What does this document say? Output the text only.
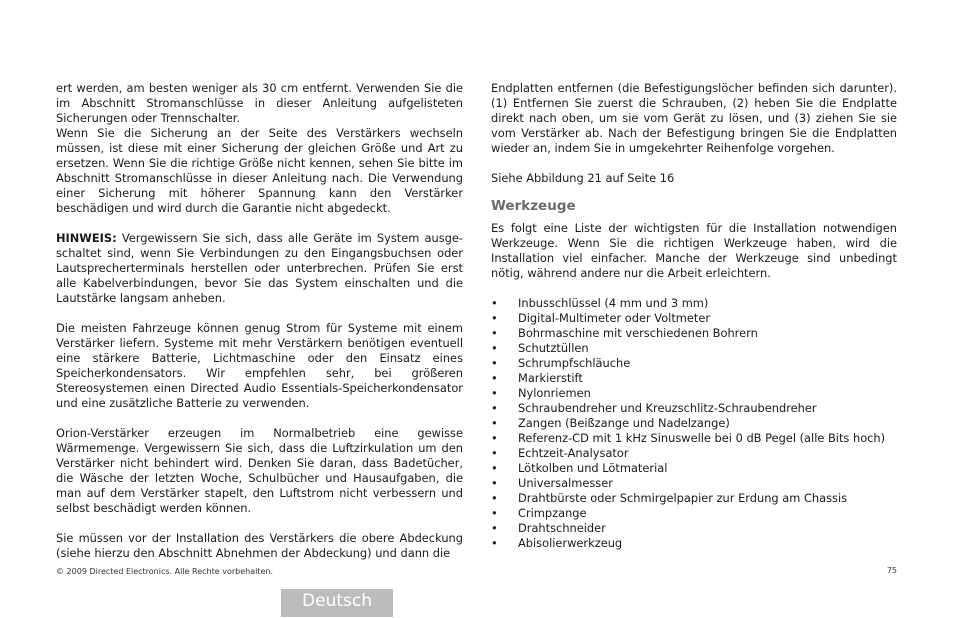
ert werden, am besten weniger als 30 cm entfernt. Verwenden Sie die im Abschnitt Stromanschlüsse in dieser Anleitung aufgelisteten Sicherungen oder Trennschalter.

Wenn Sie die Sicherung an der Seite des Verstärkers wechseln müssen, ist diese mit einer Sicherung der gleichen Größe und Art zu ersetzen. Wenn Sie die richtige Größe nicht kennen, sehen Sie bitte im Abschnitt Stromanschlüsse in dieser Anleitung nach. Die Verwendung einer Sicherung mit höherer Spannung kann den Verstärker beschädigen und wird durch die Garantie nicht abgedeckt.

HINWEIS: Vergewissern Sie sich, dass alle Geräte im System ausge- schaltet sind, wenn Sie Verbindungen zu den Eingangsbuchsen oder Lautsprecherterminals herstellen oder unterbrechen. Prüfen Sie erst alle Kabelverbindungen, bevor Sie das System einschalten und die Lautstärke langsam anheben.

Die meisten Fahrzeuge können genug Strom für Systeme mit einem Verstärker liefern. Systeme mit mehr Verstärkern benötigen eventuell eine stärkere Batterie, Lichtmaschine oder den Einsatz eines Speicherkondensators. Wir empfehlen sehr, bei größeren Stereosystemen einen Directed Audio Essentials-Speicherkondensator und eine zusätzliche Batterie zu verwenden.

Orion-Verstärker erzeugen im Normalbetrieb eine gewisse Wärmemenge. Vergewissern Sie sich, dass die Luftzirkulation um den Verstärker nicht behindert wird. Denken Sie daran, dass Badetücher, die Wäsche der letzten Woche, Schulbücher und Hausaufgaben, die man auf dem Verstärker stapelt, den Luftstrom nicht verbessern und selbst beschädigt werden können.

Sie müssen vor der Installation des Verstärkers die obere Abdeckung (siehe hierzu den Abschnitt Abnehmen der Abdeckung) und dann die

Endplatten entfernen (die Befestigungslöcher befinden sich darunter). (1) Entfernen Sie zuerst die Schrauben, (2) heben Sie die Endplatte direkt nach oben, um sie vom Gerät zu lösen, und (3) ziehen Sie sie vom Verstärker ab. Nach der Befestigung bringen Sie die Endplatten wieder an, indem Sie in umgekehrter Reihenfolge vorgehen.

Siehe Abbildung 21 auf Seite 16

Werkzeuge

Es folgt eine Liste der wichtigsten für die Installation notwendigen Werkzeuge. Wenn Sie die richtigen Werkzeuge haben, wird die Installation viel einfacher. Manche der Werkzeuge sind unbedingt nötig, während andere nur die Arbeit erleichtern.

• Inbusschlüssel (4 mm und 3 mm)
• Digital-Multimeter oder Voltmeter
• Bohrmaschine mit verschiedenen Bohrern
• Schutztüllen
• Schrumpfschläuche
• Markierstift
• Nylonriemen
• Schraubendreher und Kreuzschlitz-Schraubendreher
• Zangen (Beißzange und Nadelzange)
• Referenz-CD mit 1 kHz Sinuswelle bei 0 dB Pegel (alle Bits hoch)
• Echtzeit-Analysator
• Lötkolben und Lötmaterial
• Universalmesser
• Drahtbürste oder Schmirgelpapier zur Erdung am Chassis
• Crimpzange
• Drahtschneider
• Abisolierwerkzeug
© 2009 Directed Electronics. Alle Rechte vorbehalten.	75
Deutsch
